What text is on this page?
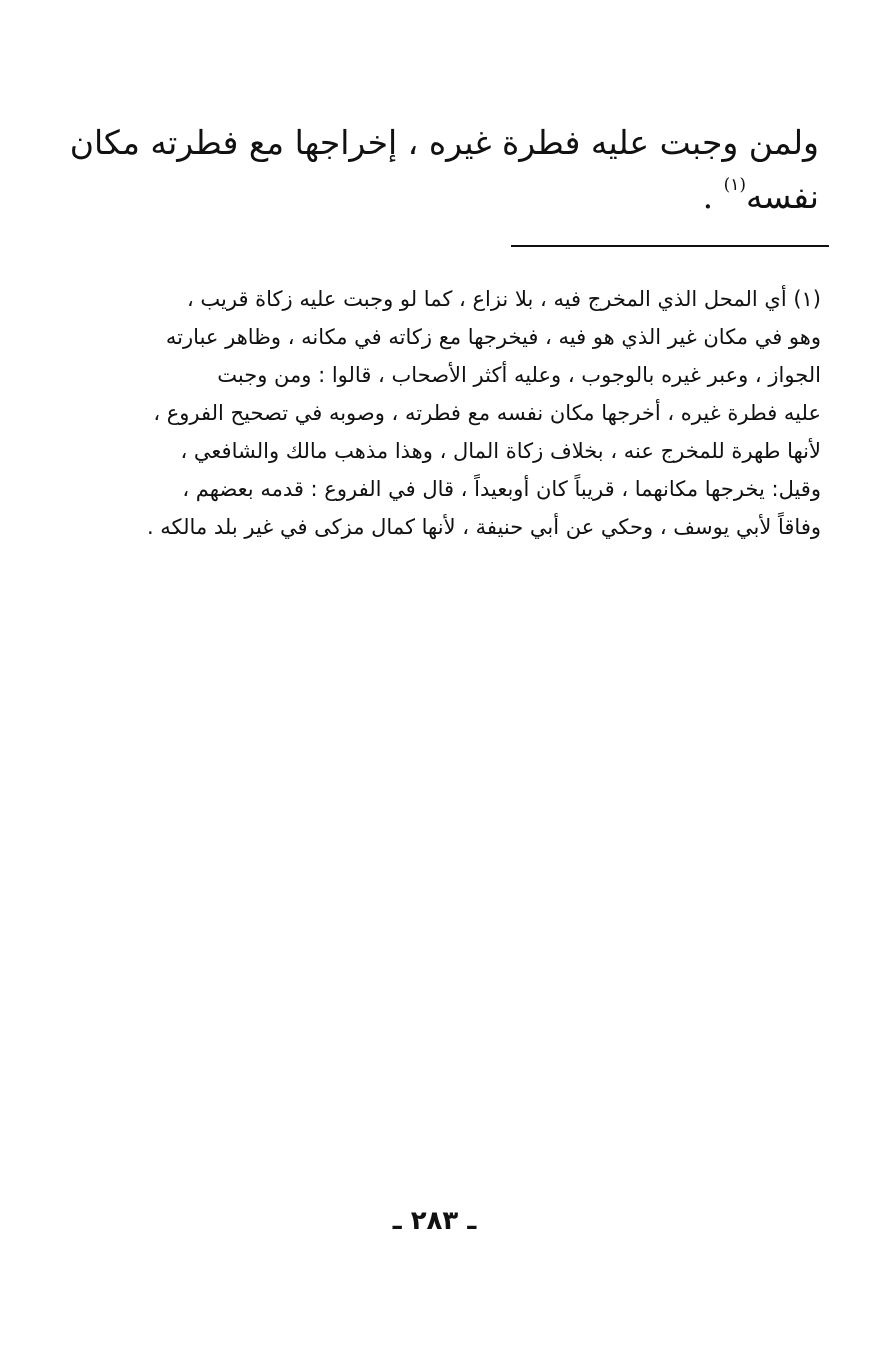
ولمن وجبت عليه فطرة غيره ، إخراجها مع فطرته مكان
نفسه$^{(١)}$ .
(١) أي المحل الذي المخرج فيه ، بلا نزاع ، كما لو وجبت عليه زكاة قريب ،
وهو في مكان غير الذي هو فيه ، فيخرجها مع زكاته في مكانه ، وظاهر عبارته
الجواز ، وعبر غيره بالوجوب ، وعليه أكثر الأصحاب ، قالوا : ومن وجبت
عليه فطرة غيره ، أخرجها مكان نفسه مع فطرته ، وصوبه في تصحيح الفروع ،
لأنها طهرة للمخرج عنه ، بخلاف زكاة المال ، وهذا مذهب مالك والشافعي ،
وقيل: يخرجها مكانهما ، قريباً كان أوبعيداً ، قال في الفروع : قدمه بعضهم ،
وفاقاً لأبي يوسف ، وحكي عن أبي حنيفة ، لأنها كمال مزكى في غير بلد مالكه .
ـ ٢٨٣ ـ
